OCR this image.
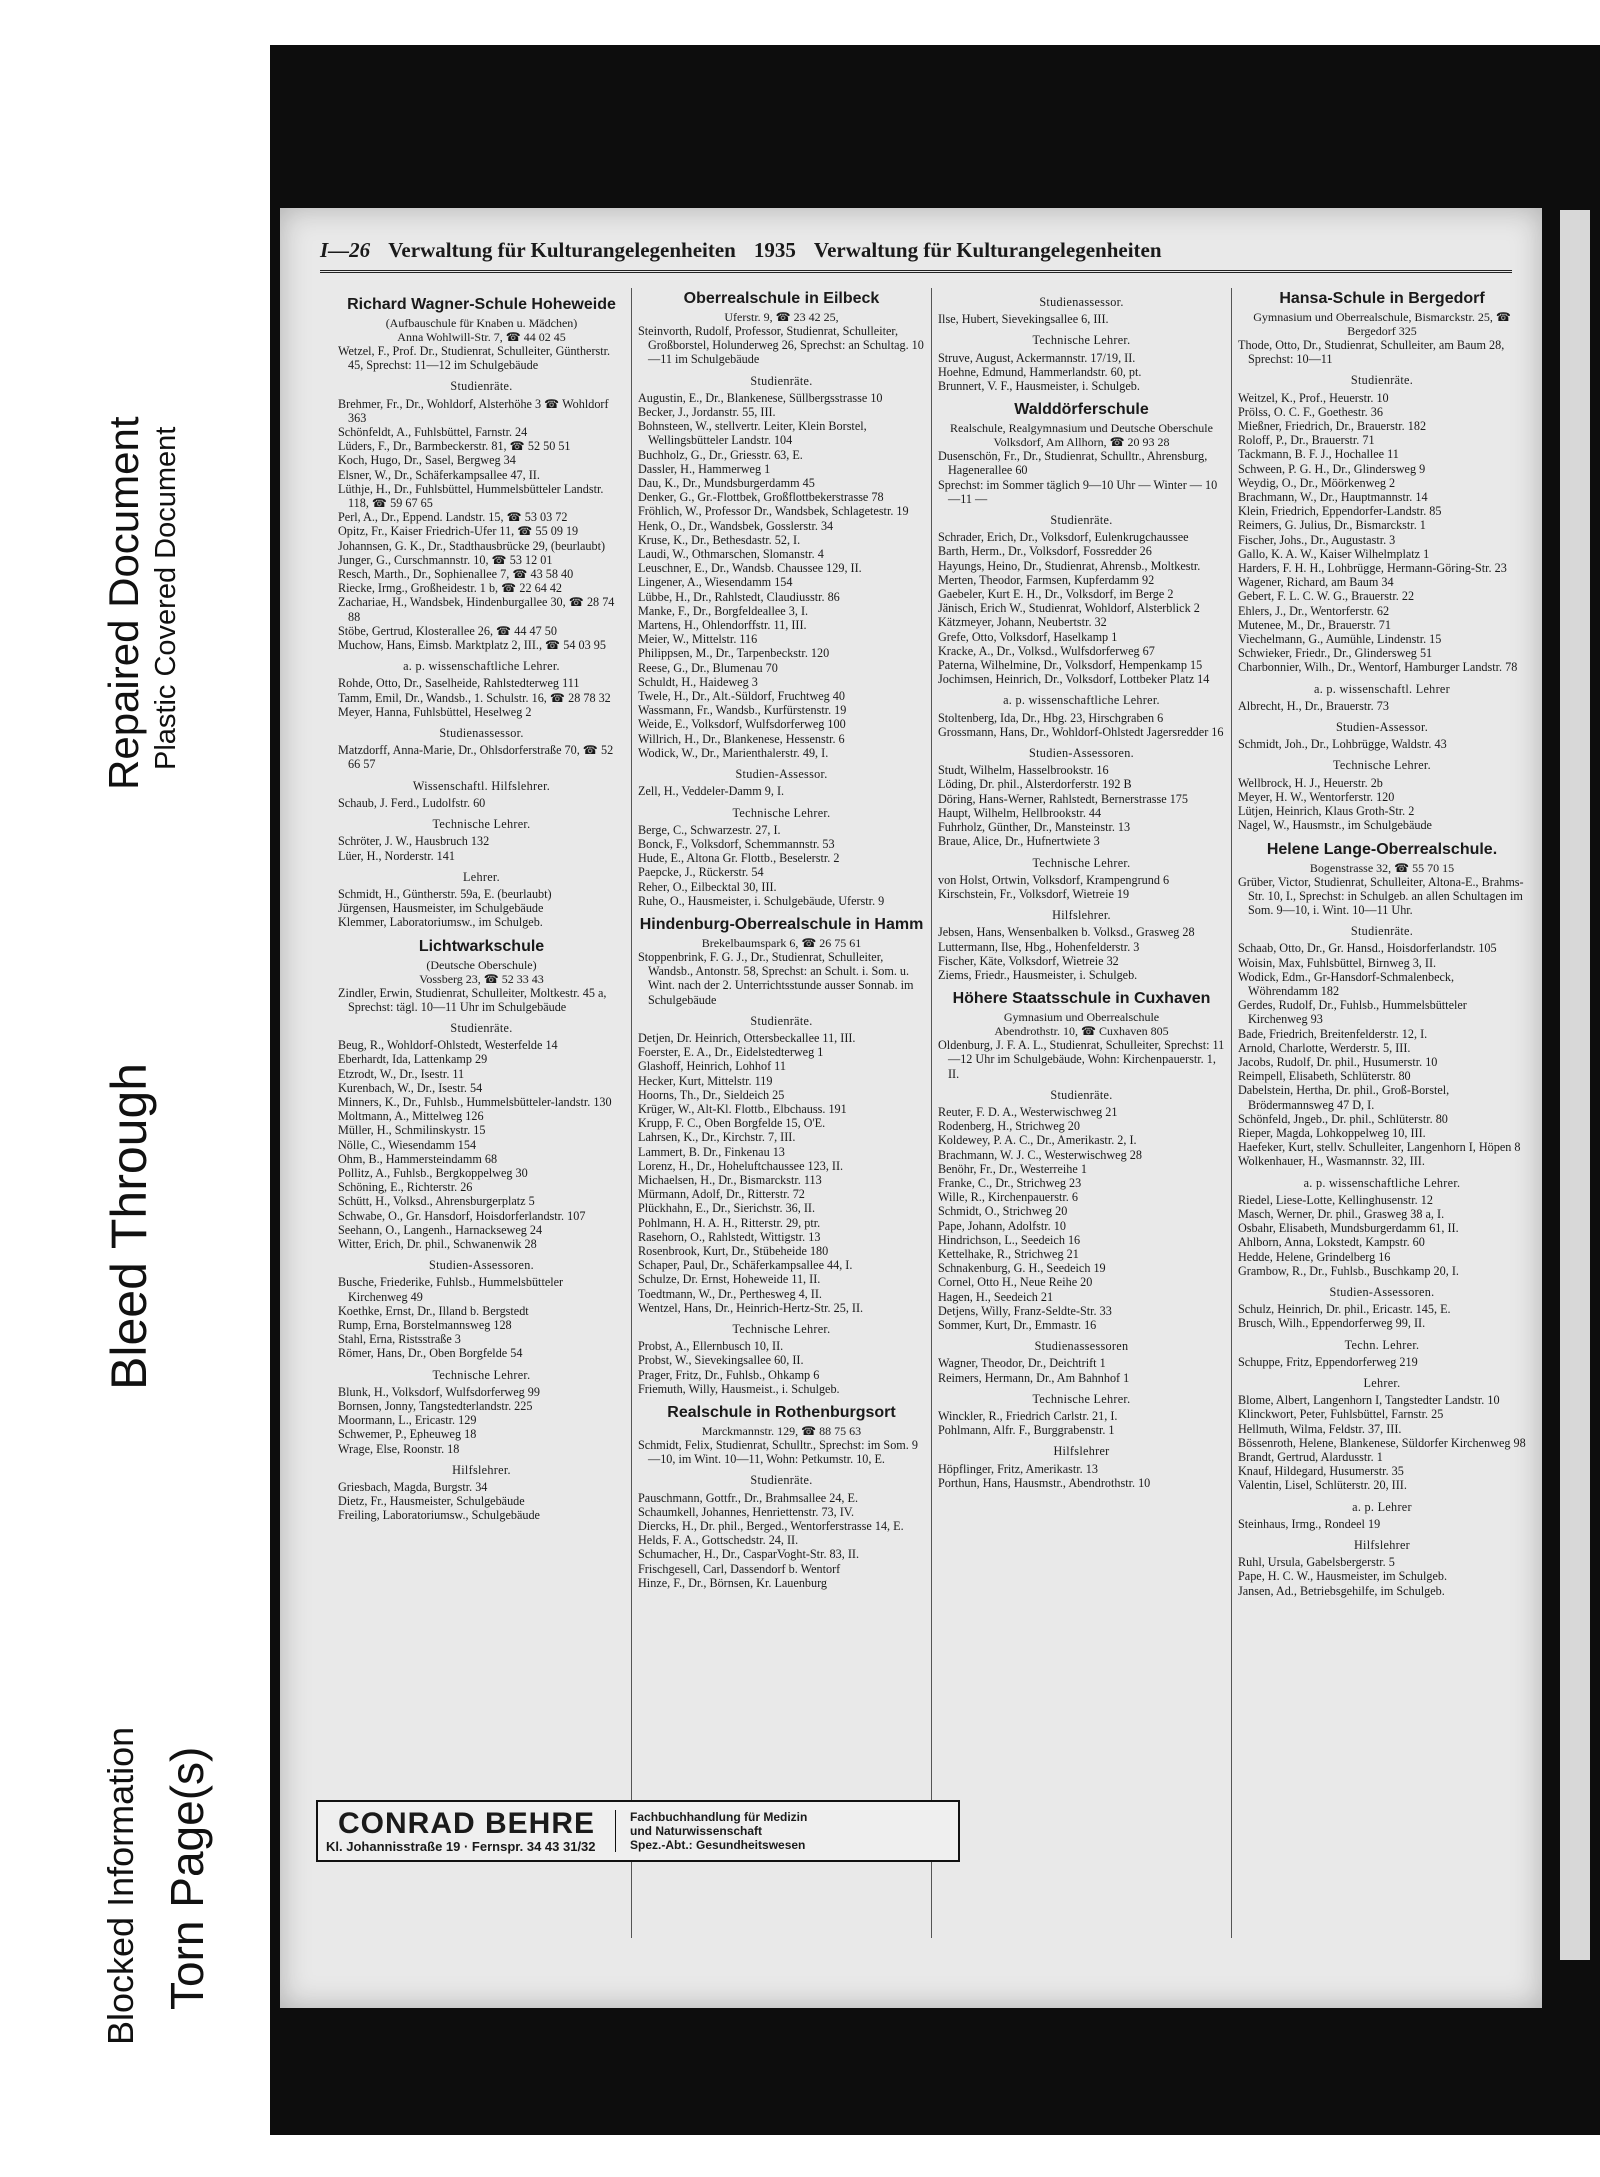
Repaired Document Plastic Covered Document
Bleed Through
Blocked Information Torn Page(s)
I—26 Verwaltung für Kulturangelegenheiten 1935 Verwaltung für Kulturangelegenheiten
Richard Wagner-Schule Hoheweide
(Aufbauschule für Knaben u. Mädchen)
Anna Wohlwill-Str. 7, ☎ 44 02 45
Wetzel, F., Prof. Dr., Studienrat, Schulleiter, Güntherstr. 45, Sprechst: 11—12 im Schulgebäude
Studienräte.
Brehmer, Fr., Dr., Wohldorf, Alsterhöhe 3 ☎ Wohldorf 363
Schönfeldt, A., Fuhlsbüttel, Farnstr. 24
Lüders, F., Dr., Barmbeckerstr. 81, ☎ 52 50 51
Koch, Hugo, Dr., Sasel, Bergweg 34
Elsner, W., Dr., Schäferkampsallee 47, II.
Lüthje, H., Dr., Fuhlsbüttel, Hummelsbütteler Landstr. 118, ☎ 59 67 65
Perl, A., Dr., Eppend. Landstr. 15, ☎ 53 03 72
Opitz, Fr., Kaiser Friedrich-Ufer 11, ☎ 55 09 19
Johannsen, G. K., Dr., Stadthausbrücke 29, (beurlaubt)
Junger, G., Curschmannstr. 10, ☎ 53 12 01
Resch, Marth., Dr., Sophienallee 7, ☎ 43 58 40
Riecke, Irmg., Großheidestr. 1 b, ☎ 22 64 42
Zachariae, H., Wandsbek, Hindenburgallee 30, ☎ 28 74 88
Stöbe, Gertrud, Klosterallee 26, ☎ 44 47 50
Muchow, Hans, Eimsb. Marktplatz 2, III., ☎ 54 03 95
a. p. wissenschaftliche Lehrer.
Rohde, Otto, Dr., Saselheide, Rahlstedterweg 111
Tamm, Emil, Dr., Wandsb., 1. Schulstr. 16, ☎ 28 78 32
Meyer, Hanna, Fuhlsbüttel, Heselweg 2
Studienassessor.
Matzdorff, Anna-Marie, Dr., Ohlsdorferstraße 70, ☎ 52 66 57
Wissenschaftl. Hilfslehrer.
Schaub, J. Ferd., Ludolfstr. 60
Technische Lehrer.
Schröter, J. W., Hausbruch 132
Lüer, H., Norderstr. 141
Lehrer.
Schmidt, H., Güntherstr. 59a, E. (beurlaubt)
Jürgensen, Hausmeister, im Schulgebäude
Klemmer, Laboratoriumsw., im Schulgeb.
Lichtwarkschule
(Deutsche Oberschule)
Vossberg 23, ☎ 52 33 43
Zindler, Erwin, Studienrat, Schulleiter, Moltkestr. 45 a, Sprechst: tägl. 10—11 Uhr im Schulgebäude
Studienräte.
Beug, R., Wohldorf-Ohlstedt, Westerfelde 14
Eberhardt, Ida, Lattenkamp 29
Etzrodt, W., Dr., Isestr. 11
Kurenbach, W., Dr., Isestr. 54
Minners, K., Dr., Fuhlsb., Hummelsbütteler-landstr. 130
Moltmann, A., Mittelweg 126
Müller, H., Schmilinskystr. 15
Nölle, C., Wiesendamm 154
Ohm, B., Hammersteindamm 68
Pollitz, A., Fuhlsb., Bergkoppelweg 30
Schöning, E., Richterstr. 26
Schütt, H., Volksd., Ahrensburgerplatz 5
Schwabe, O., Gr. Hansdorf, Hoisdorferlandstr. 107
Seehann, O., Langenh., Harnackseweg 24
Witter, Erich, Dr. phil., Schwanenwik 28
Studien-Assessoren.
Busche, Friederike, Fuhlsb., Hummelsbütteler Kirchenweg 49
Koethke, Ernst, Dr., Illand b. Bergstedt
Rump, Erna, Borstelmannsweg 128
Stahl, Erna, Ristsstraße 3
Römer, Hans, Dr., Oben Borgfelde 54
Technische Lehrer.
Blunk, H., Volksdorf, Wulfsdorferweg 99
Bornsen, Jonny, Tangstedterlandstr. 225
Moormann, L., Ericastr. 129
Schwemer, P., Epheuweg 18
Wrage, Else, Roonstr. 18
Hilfslehrer.
Griesbach, Magda, Burgstr. 34
Dietz, Fr., Hausmeister, Schulgebäude
Freiling, Laboratoriumsw., Schulgebäude
Oberrealschule in Eilbeck
Uferstr. 9, ☎ 23 42 25,
Steinvorth, Rudolf, Professor, Studienrat, Schulleiter, Großborstel, Holunderweg 26, Sprechst: an Schultag. 10—11 im Schulgebäude
Studienräte.
Augustin, E., Dr., Blankenese, Süllbergsstrasse 10
Becker, J., Jordanstr. 55, III.
Bohnsteen, W., stellvertr. Leiter, Klein Borstel, Wellingsbütteler Landstr. 104
Buchholz, G., Dr., Griesstr. 63, E.
Dassler, H., Hammerweg 1
Dau, K., Dr., Mundsburgerdamm 45
Denker, G., Gr.-Flottbek, Großflottbekerstrasse 78
Fröhlich, W., Professor Dr., Wandsbek, Schlagetestr. 19
Henk, O., Dr., Wandsbek, Gosslerstr. 34
Kruse, K., Dr., Bethesdastr. 52, I.
Laudi, W., Othmarschen, Slomanstr. 4
Leuschner, E., Dr., Wandsb. Chaussee 129, II.
Lingener, A., Wiesendamm 154
Lübbe, H., Dr., Rahlstedt, Claudiusstr. 86
Manke, F., Dr., Borgfeldeallee 3, I.
Martens, H., Ohlendorffstr. 11, III.
Meier, W., Mittelstr. 116
Philippsen, M., Dr., Tarpenbeckstr. 120
Reese, G., Dr., Blumenau 70
Schuldt, H., Haideweg 3
Twele, H., Dr., Alt.-Süldorf, Fruchtweg 40
Wassmann, Fr., Wandsb., Kurfürstenstr. 19
Weide, E., Volksdorf, Wulfsdorferweg 100
Willrich, H., Dr., Blankenese, Hessenstr. 6
Wodick, W., Dr., Marienthalerstr. 49, I.
Studien-Assessor.
Zell, H., Veddeler-Damm 9, I.
Technische Lehrer.
Berge, C., Schwarzestr. 27, I.
Bonck, F., Volksdorf, Schemmannstr. 53
Hude, E., Altona Gr. Flottb., Beselerstr. 2
Paepcke, J., Rückerstr. 54
Reher, O., Eilbecktal 30, III.
Ruhe, O., Hausmeister, i. Schulgebäude, Uferstr. 9
Hindenburg-Oberrealschule in Hamm
Brekelbaumspark 6, ☎ 26 75 61
Stoppenbrink, F. G. J., Dr., Studienrat, Schulleiter, Wandsb., Antonstr. 58, Sprechst: an Schult. i. Som. u. Wint. nach der 2. Unterrichtsstunde ausser Sonnab. im Schulgebäude
Studienräte.
Detjen, Dr. Heinrich, Ottersbeckallee 11, III.
Foerster, E. A., Dr., Eidelstedterweg 1
Glashoff, Heinrich, Lohhof 11
Hecker, Kurt, Mittelstr. 119
Hoorns, Th., Dr., Sieldeich 25
Krüger, W., Alt-Kl. Flottb., Elbchauss. 191
Krupp, F. C., Oben Borgfelde 15, O'E.
Lahrsen, K., Dr., Kirchstr. 7, III.
Lammert, B. Dr., Finkenau 13
Lorenz, H., Dr., Hoheluftchaussee 123, II.
Michaelsen, H., Dr., Bismarckstr. 113
Mürmann, Adolf, Dr., Ritterstr. 72
Plückhahn, E., Dr., Sierichstr. 36, II.
Pohlmann, H. A. H., Ritterstr. 29, ptr.
Rasehorn, O., Rahlstedt, Wittigstr. 13
Rosenbrook, Kurt, Dr., Stübeheide 180
Schaper, Paul, Dr., Schäferkampsallee 44, I.
Schulze, Dr. Ernst, Hoheweide 11, II.
Toedtmann, W., Dr., Perthesweg 4, II.
Wentzel, Hans, Dr., Heinrich-Hertz-Str. 25, II.
Technische Lehrer.
Probst, A., Ellernbusch 10, II.
Probst, W., Sievekingsallee 60, II.
Prager, Fritz, Dr., Fuhlsb., Ohkamp 6
Friemuth, Willy, Hausmeist., i. Schulgeb.
Realschule in Rothenburgsort
Marckmannstr. 129, ☎ 88 75 63
Schmidt, Felix, Studienrat, Schulltr., Sprechst: im Som. 9—10, im Wint. 10—11, Wohn: Petkumstr. 10, E.
Studienräte.
Pauschmann, Gottfr., Dr., Brahmsallee 24, E.
Schaumkell, Johannes, Henriettenstr. 73, IV.
Diercks, H., Dr. phil., Berged., Wentorferstrasse 14, E.
Helds, F. A., Gottschedstr. 24, II.
Schumacher, H., Dr., CasparVoght-Str. 83, II.
Frischgesell, Carl, Dassendorf b. Wentorf
Hinze, F., Dr., Börnsen, Kr. Lauenburg
Studienassessor.
Ilse, Hubert, Sievekingsallee 6, III.
Technische Lehrer.
Struve, August, Ackermannstr. 17/19, II.
Hoehne, Edmund, Hammerlandstr. 60, pt.
Brunnert, V. F., Hausmeister, i. Schulgeb.
Walddörferschule
Realschule, Realgymnasium und Deutsche Oberschule
Volksdorf, Am Allhorn, ☎ 20 93 28
Dusenschön, Fr., Dr., Studienrat, Schulltr., Ahrensburg, Hagenerallee 60
Sprechst: im Sommer täglich 9—10 Uhr — Winter — 10—11 —
Studienräte.
Schrader, Erich, Dr., Volksdorf, Eulenkrugchaussee
Barth, Herm., Dr., Volksdorf, Fossredder 26
Hayungs, Heino, Dr., Studienrat, Ahrensb., Moltkestr.
Merten, Theodor, Farmsen, Kupferdamm 92
Gaebeler, Kurt E. H., Dr., Volksdorf, im Berge 2
Jänisch, Erich W., Studienrat, Wohldorf, Alsterblick 2
Kätzmeyer, Johann, Neubertstr. 32
Grefe, Otto, Volksdorf, Haselkamp 1
Kracke, A., Dr., Volksd., Wulfsdorferweg 67
Paterna, Wilhelmine, Dr., Volksdorf, Hempenkamp 15
Jochimsen, Heinrich, Dr., Volksdorf, Lottbeker Platz 14
a. p. wissenschaftliche Lehrer.
Stoltenberg, Ida, Dr., Hbg. 23, Hirschgraben 6
Grossmann, Hans, Dr., Wohldorf-Ohlstedt Jagersredder 16
Studien-Assessoren.
Studt, Wilhelm, Hasselbrookstr. 16
Löding, Dr. phil., Alsterdorferstr. 192 B
Döring, Hans-Werner, Rahlstedt, Bernerstrasse 175
Haupt, Wilhelm, Hellbrookstr. 44
Fuhrholz, Günther, Dr., Mansteinstr. 13
Braue, Alice, Dr., Hufnertwiete 3
Technische Lehrer.
von Holst, Ortwin, Volksdorf, Krampengrund 6
Kirschstein, Fr., Volksdorf, Wietreie 19
Hilfslehrer.
Jebsen, Hans, Wensenbalken b. Volksd., Grasweg 28
Luttermann, Ilse, Hbg., Hohenfelderstr. 3
Fischer, Käte, Volksdorf, Wietreie 32
Ziems, Friedr., Hausmeister, i. Schulgeb.
Höhere Staatsschule in Cuxhaven
Gymnasium und Oberrealschule
Abendrothstr. 10, ☎ Cuxhaven 805
Oldenburg, J. F. A. L., Studienrat, Schulleiter, Sprechst: 11—12 Uhr im Schulgebäude, Wohn: Kirchenpauerstr. 1, II.
Studienräte.
Reuter, F. D. A., Westerwischweg 21
Rodenberg, H., Strichweg 20
Koldewey, P. A. C., Dr., Amerikastr. 2, I.
Brachmann, W. J. C., Westerwischweg 28
Benöhr, Fr., Dr., Westerreihe 1
Franke, C., Dr., Strichweg 23
Wille, R., Kirchenpauerstr. 6
Schmidt, O., Strichweg 20
Pape, Johann, Adolfstr. 10
Hindrichson, L., Seedeich 16
Kettelhake, R., Strichweg 21
Schnakenburg, G. H., Seedeich 19
Cornel, Otto H., Neue Reihe 20
Hagen, H., Seedeich 21
Detjens, Willy, Franz-Seldte-Str. 33
Sommer, Kurt, Dr., Emmastr. 16
Studienassessoren
Wagner, Theodor, Dr., Deichtrift 1
Reimers, Hermann, Dr., Am Bahnhof 1
Technische Lehrer.
Winckler, R., Friedrich Carlstr. 21, I.
Pohlmann, Alfr. F., Burggrabenstr. 1
Hilfslehrer
Höpflinger, Fritz, Amerikastr. 13
Porthun, Hans, Hausmstr., Abendrothstr. 10
Hansa-Schule in Bergedorf
Gymnasium und Oberrealschule, Bismarckstr. 25, ☎ Bergedorf 325
Thode, Otto, Dr., Studienrat, Schulleiter, am Baum 28, Sprechst: 10—11
Studienräte.
Weitzel, K., Prof., Heuerstr. 10
Prölss, O. C. F., Goethestr. 36
Mießner, Friedrich, Dr., Brauerstr. 182
Roloff, P., Dr., Brauerstr. 71
Tackmann, B. F. J., Hochallee 11
Schween, P. G. H., Dr., Glindersweg 9
Weydig, O., Dr., Möörkenweg 2
Brachmann, W., Dr., Hauptmannstr. 14
Klein, Friedrich, Eppendorfer-Landstr. 85
Reimers, G. Julius, Dr., Bismarckstr. 1
Fischer, Johs., Dr., Augustastr. 3
Gallo, K. A. W., Kaiser Wilhelmplatz 1
Harders, F. H. H., Lohbrügge, Hermann-Göring-Str. 23
Wagener, Richard, am Baum 34
Gebert, F. L. C. W. G., Brauerstr. 22
Ehlers, J., Dr., Wentorferstr. 62
Mutenee, M., Dr., Brauerstr. 71
Viechelmann, G., Aumühle, Lindenstr. 15
Schwieker, Friedr., Dr., Glindersweg 51
Charbonnier, Wilh., Dr., Wentorf, Hamburger Landstr. 78
a. p. wissenschaftl. Lehrer
Albrecht, H., Dr., Brauerstr. 73
Studien-Assessor.
Schmidt, Joh., Dr., Lohbrügge, Waldstr. 43
Technische Lehrer.
Wellbrock, H. J., Heuerstr. 2b
Meyer, H. W., Wentorferstr. 120
Lütjen, Heinrich, Klaus Groth-Str. 2
Nagel, W., Hausmstr., im Schulgebäude
Helene Lange-Oberrealschule.
Bogenstrasse 32, ☎ 55 70 15
Grüber, Victor, Studienrat, Schulleiter, Altona-E., Brahms-Str. 10, I., Sprechst: in Schulgeb. an allen Schultagen im Som. 9—10, i. Wint. 10—11 Uhr.
Studienräte.
Schaab, Otto, Dr., Gr. Hansd., Hoisdorferlandstr. 105
Woisin, Max, Fuhlsbüttel, Birnweg 3, II.
Wodick, Edm., Gr-Hansdorf-Schmalenbeck, Wöhrendamm 182
Gerdes, Rudolf, Dr., Fuhlsb., Hummelsbütteler Kirchenweg 93
Bade, Friedrich, Breitenfelderstr. 12, I.
Arnold, Charlotte, Werderstr. 5, III.
Jacobs, Rudolf, Dr. phil., Husumerstr. 10
Reimpell, Elisabeth, Schlüterstr. 80
Dabelstein, Hertha, Dr. phil., Groß-Borstel, Brödermannsweg 47 D, I.
Schönfeld, Jngeb., Dr. phil., Schlüterstr. 80
Rieper, Magda, Lohkoppelweg 10, III.
Haefeker, Kurt, stellv. Schulleiter, Langenhorn I, Höpen 8
Wolkenhauer, H., Wasmannstr. 32, III.
a. p. wissenschaftliche Lehrer.
Riedel, Liese-Lotte, Kellinghusenstr. 12
Masch, Werner, Dr. phil., Grasweg 38 a, I.
Osbahr, Elisabeth, Mundsburgerdamm 61, II.
Ahlborn, Anna, Lokstedt, Kampstr. 60
Hedde, Helene, Grindelberg 16
Grambow, R., Dr., Fuhlsb., Buschkamp 20, I.
Studien-Assessoren.
Schulz, Heinrich, Dr. phil., Ericastr. 145, E.
Brusch, Wilh., Eppendorferweg 99, II.
Techn. Lehrer.
Schuppe, Fritz, Eppendorferweg 219
Lehrer.
Blome, Albert, Langenhorn I, Tangstedter Landstr. 10
Klinckwort, Peter, Fuhlsbüttel, Farnstr. 25
Hellmuth, Wilma, Feldstr. 37, III.
Bössenroth, Helene, Blankenese, Süldorfer Kirchenweg 98
Brandt, Gertrud, Alardusstr. 1
Knauf, Hildegard, Husumerstr. 35
Valentin, Lisel, Schlüterstr. 20, III.
a. p. Lehrer
Steinhaus, Irmg., Rondeel 19
Hilfslehrer
Ruhl, Ursula, Gabelsbergerstr. 5
Pape, H. C. W., Hausmeister, im Schulgeb.
Jansen, Ad., Betriebsgehilfe, im Schulgeb.
CONRAD BEHRE
Kl. Johannisstraße 19 · Fernspr. 34 43 31/32
Fachbuchhandlung für Medizin
und Naturwissenschaft
Spez.-Abt.: Gesundheitswesen
